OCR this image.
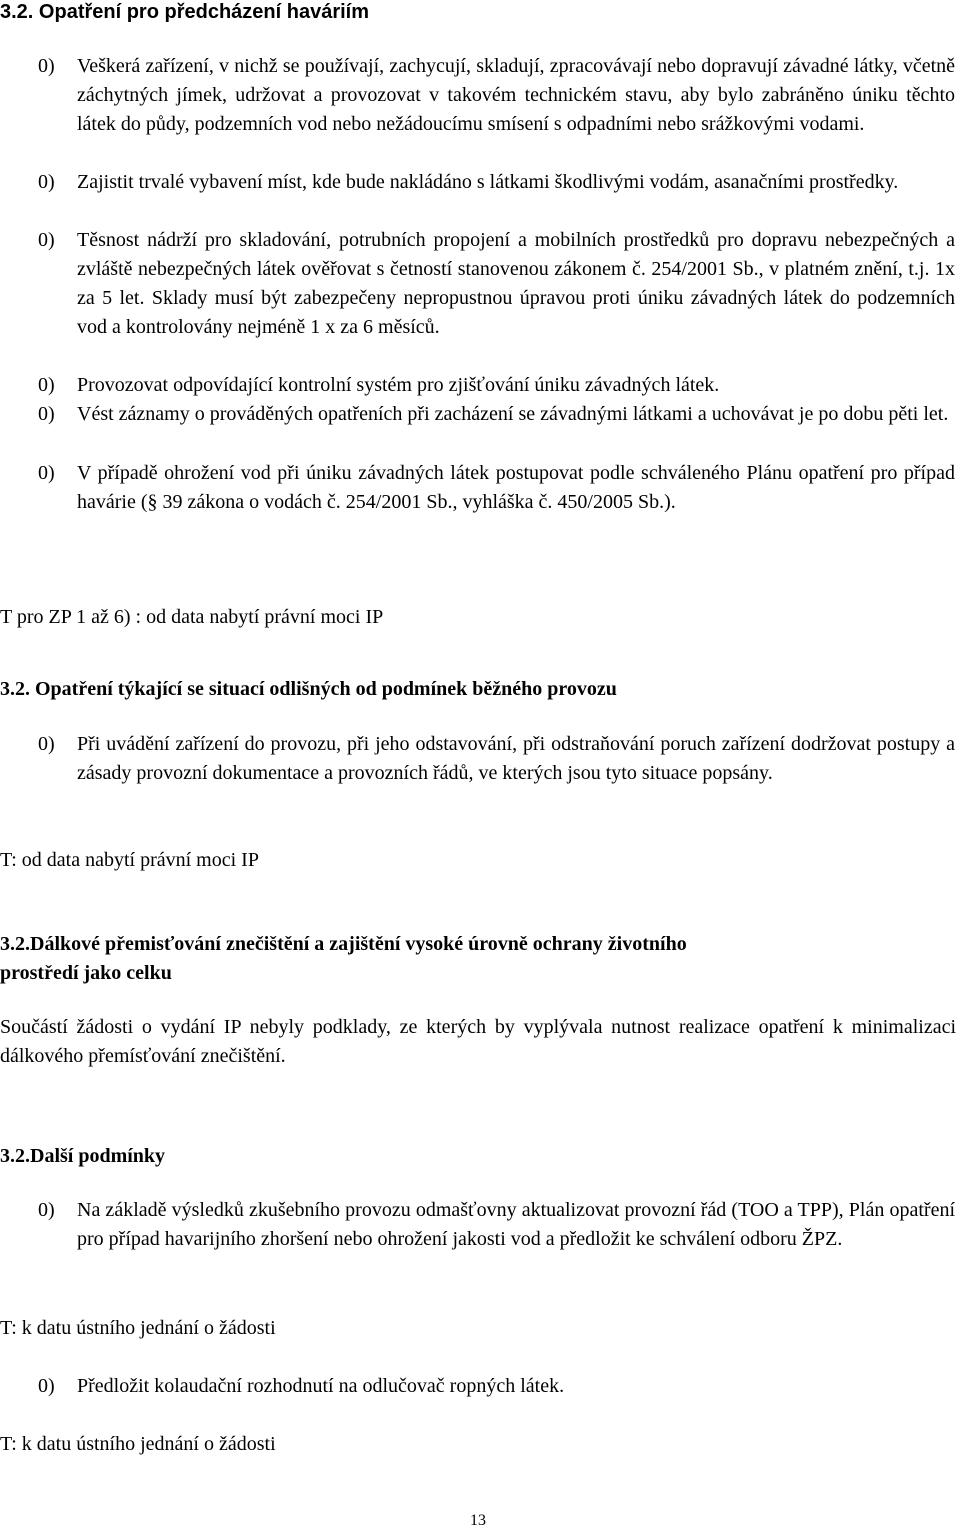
3.2. Opatření pro předcházení haváriím
0) Veškerá zařízení, v nichž se používají, zachycují, skladují, zpracovávají nebo dopravují závadné látky, včetně záchytných jímek, udržovat a provozovat v takovém technickém stavu, aby bylo zabráněno úniku těchto látek do půdy, podzemních vod nebo nežádoucímu smísení s odpadními nebo srážkovými vodami.
0) Zajistit trvalé vybavení míst, kde bude nakládáno s látkami škodlivými vodám, asanačními prostředky.
0) Těsnost nádrží pro skladování, potrubních propojení a mobilních prostředků pro dopravu nebezpečných a zvláště nebezpečných látek ověřovat s četností stanovenou zákonem č. 254/2001 Sb., v platném znění, t.j. 1x za 5 let. Sklady musí být zabezpečeny nepropustnou úpravou proti úniku závadných látek do podzemních vod a kontrolovány nejméně 1 x za 6 měsíců.
0) Provozovat odpovídající kontrolní systém pro zjišťování úniku závadných látek.
0) Vést záznamy o prováděných opatřeních při zacházení se závadnými látkami a uchovávat je po dobu pěti let.
0) V případě ohrožení vod při úniku závadných látek postupovat podle schváleného Plánu opatření pro případ havárie (§ 39 zákona o vodách č. 254/2001 Sb., vyhláška č. 450/2005 Sb.).
T pro ZP 1 až 6) : od data nabytí právní moci IP
3.2. Opatření týkající se situací odlišných od podmínek běžného provozu
0) Při uvádění zařízení do provozu, při jeho odstavování, při odstraňování poruch zařízení dodržovat postupy a zásady provozní dokumentace a provozních řádů, ve kterých jsou tyto situace popsány.
T: od data nabytí právní moci IP
3.2.Dálkové přemisťování znečištění a zajištění vysoké úrovně ochrany životního
prostředí jako celku
Součástí žádosti o vydání IP nebyly podklady, ze kterých by vyplývala nutnost realizace opatření k minimalizaci dálkového přemísťování znečištění.
3.2.Další podmínky
0) Na základě výsledků zkušebního provozu odmašťovny aktualizovat provozní řád (TOO a TPP), Plán opatření pro případ havarijního zhoršení nebo ohrožení jakosti vod a předložit ke schválení odboru ŽPZ.
T: k datu ústního jednání o žádosti
0) Předložit kolaudační rozhodnutí na odlučovač ropných látek.
T: k datu ústního jednání o žádosti
13
